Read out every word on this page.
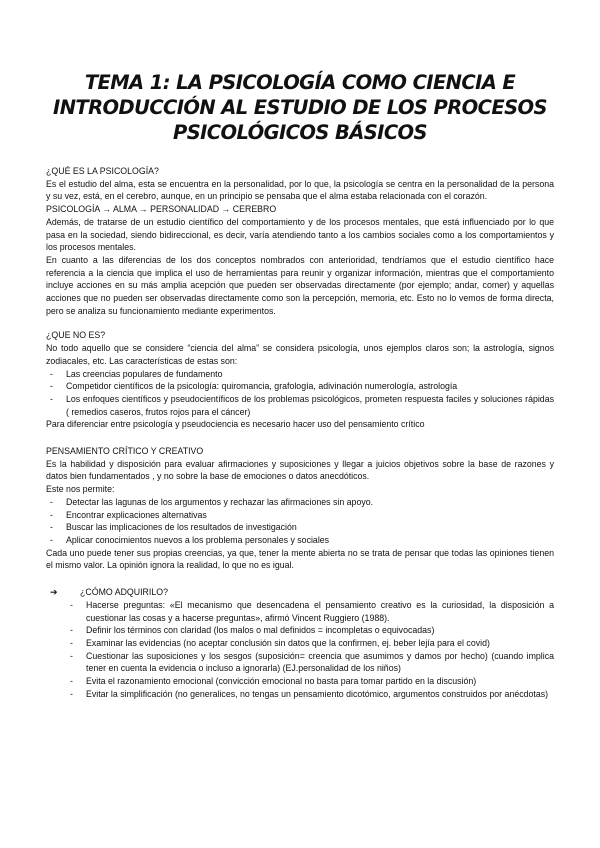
TEMA 1: LA PSICOLOGÍA COMO CIENCIA E
INTRODUCCIÓN AL ESTUDIO DE LOS PROCESOS
PSICOLÓGICOS BÁSICOS

¿QUÉ ES LA PSICOLOGÍA?

Es el estudio del alma, esta se encuentra en la personalidad, por lo que, la psicología se centra en la personalidad de la persona y su vez, está, en el cerebro, aunque, en un principio se pensaba que el alma estaba relacionada con el corazón.

PSICOLOGÍA → ALMA → PERSONALIDAD → CEREBRO

Además, de tratarse de un estudio científico del comportamiento y de los procesos mentales, que está influenciado por lo que pasa en la sociedad, siendo bidireccional, es decir, varía atendiendo tanto a los cambios sociales como a los comportamientos y los procesos mentales.

En cuanto a las diferencias de los dos conceptos nombrados con anterioridad, tendríamos que el estudio científico hace referencia a la ciencia que implica el uso de herramientas para reunir y organizar información, mientras que el comportamiento incluye acciones en su más amplia acepción que pueden ser observadas directamente (por ejemplo; andar, comer) y aquellas acciones que no pueden ser observadas directamente como son la percepción, memoria, etc. Esto no lo vemos de forma directa, pero se analiza su funcionamiento mediante experimentos.

¿QUE NO ES?

No todo aquello que se considere “ciencia del alma” se considera psicología, unos ejemplos claros son; la astrología, signos zodiacales, etc. Las características de estas son:

- Las creencias populares de fundamento
- Competidor científicos de la psicología: quiromancia, grafología, adivinación numerología, astrología
- Los enfoques científicos y pseudocientíficos de los problemas psicológicos, prometen respuesta faciles y soluciones rápidas ( remedios caseros, frutos rojos para el cáncer)

Para diferenciar entre psicología y pseudociencia es necesario hacer uso del pensamiento crítico

PENSAMIENTO CRÍTICO Y CREATIVO

Es la habilidad y disposición para evaluar afirmaciones y suposiciones y llegar a juicios objetivos sobre la base de razones y datos bien fundamentados , y no sobre la base de emociones o datos anecdóticos.

Este nos permite:

- Detectar las lagunas de los argumentos y rechazar las afirmaciones sin apoyo.
- Encontrar explicaciones alternativas
- Buscar las implicaciones de los resultados de investigación
- Aplicar conocimientos nuevos a los problema personales y sociales

Cada uno puede tener sus propias creencias, ya que, tener la mente abierta no se trata de pensar que todas las opiniones tienen el mismo valor. La opinión ignora la realidad, lo que no es igual.

➔	¿CÓMO ADQUIRILO?
- Hacerse preguntas: «El mecanismo que desencadena el pensamiento creativo es la curiosidad, la disposición a cuestionar las cosas y a hacerse preguntas», afirmó Vincent Ruggiero (1988).
- Definir los términos con claridad (los malos o mal definidos = incompletas o equivocadas)
- Examinar las evidencias (no aceptar conclusión sin datos que la confirmen, ej. beber lejía para el covid)
- Cuestionar las suposiciones y los sesgos (suposición= creencia que asumimos y damos por hecho) (cuando implica tener en cuenta la evidencia o incluso a ignorarla) (EJ.personalidad de los niños)
- Evita el razonamiento emocional (convicción emocional no basta para tomar partido en la discusión)
- Evitar la simplificación (no generalices, no tengas un pensamiento dicotómico, argumentos construidos por anécdotas)
